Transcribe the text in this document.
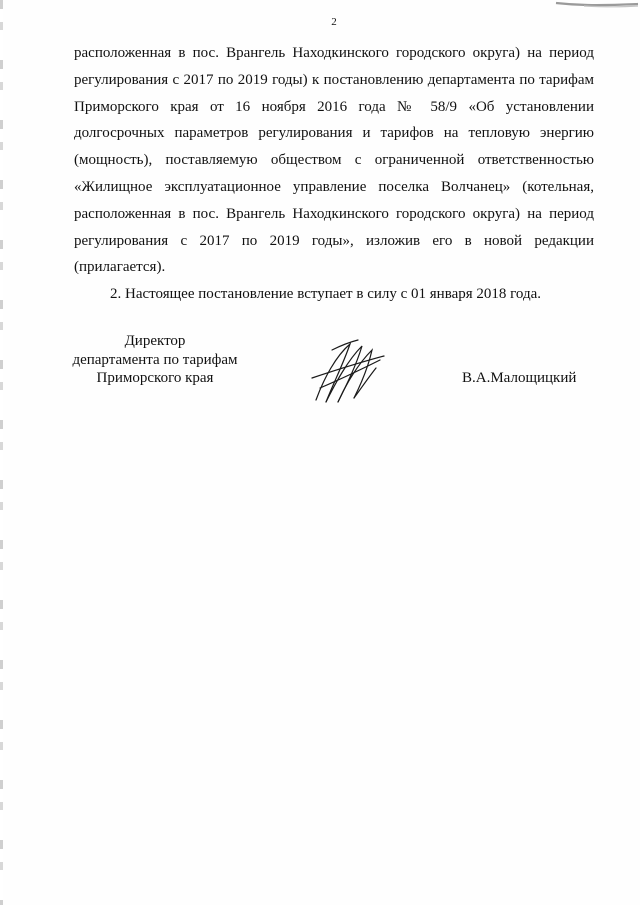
2

расположенная в пос. Врангель Находкинского городского округа) на период регулирования с 2017 по 2019 годы) к постановлению департамента по тарифам Приморского края от 16 ноября 2016 года № 58/9 «Об установлении долгосрочных параметров регулирования и тарифов на тепловую энергию (мощность), поставляемую обществом с ограниченной ответственностью «Жилищное эксплуатационное управление поселка Волчанец» (котельная, расположенная в пос. Врангель Находкинского городского округа) на период регулирования с 2017 по 2019 годы», изложив его в новой редакции (прилагается).

2. Настоящее постановление вступает в силу с 01 января 2018 года.

Директор
департамента по тарифам
Приморского края	В.А.Малощицкий
